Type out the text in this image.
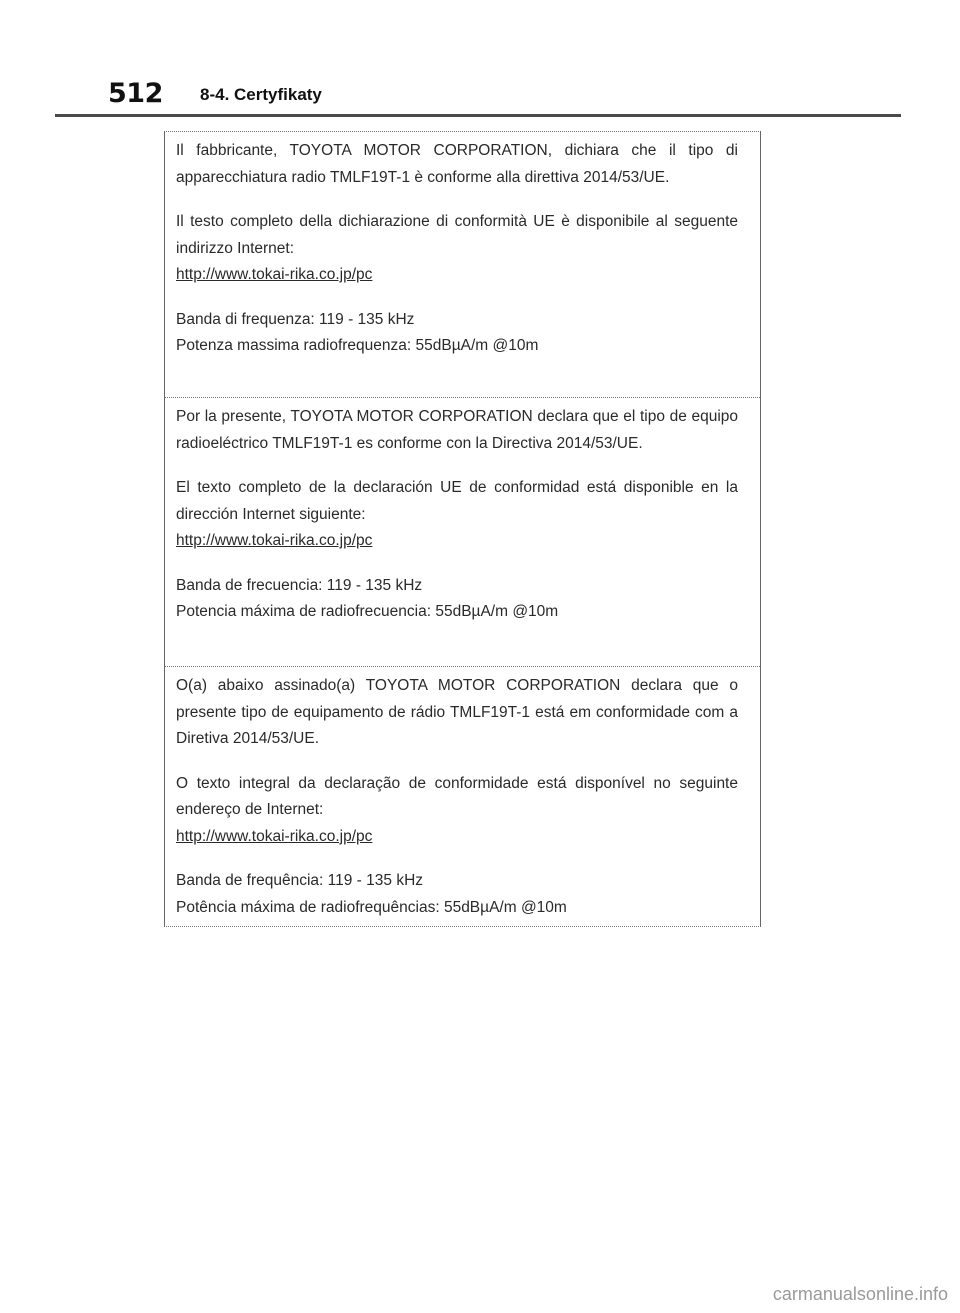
512 8-4. Certyfikaty

Il fabbricante, TOYOTA MOTOR CORPORATION, dichiara che il tipo di apparecchiatura radio TMLF19T-1 è conforme alla direttiva 2014/53/UE.

Il testo completo della dichiarazione di conformità UE è disponibile al seguente indirizzo Internet:

http://www.tokai-rika.co.jp/pc

Banda di frequenza: 119 - 135 kHz

Potenza massima radiofrequenza: 55dBµA/m @10m

Por la presente, TOYOTA MOTOR CORPORATION declara que el tipo de equipo radioeléctrico TMLF19T-1 es conforme con la Directiva 2014/53/UE.

El texto completo de la declaración UE de conformidad está disponible en la dirección Internet siguiente:

http://www.tokai-rika.co.jp/pc

Banda de frecuencia: 119 - 135 kHz

Potencia máxima de radiofrecuencia: 55dBµA/m @10m

O(a) abaixo assinado(a) TOYOTA MOTOR CORPORATION declara que o presente tipo de equipamento de rádio TMLF19T-1 está em conformidade com a Diretiva 2014/53/UE.

O texto integral da declaração de conformidade está disponível no seguinte endereço de Internet:

http://www.tokai-rika.co.jp/pc

Banda de frequência: 119 - 135 kHz

Potência máxima de radiofrequências: 55dBµA/m @10m

carmanualsonline.info
